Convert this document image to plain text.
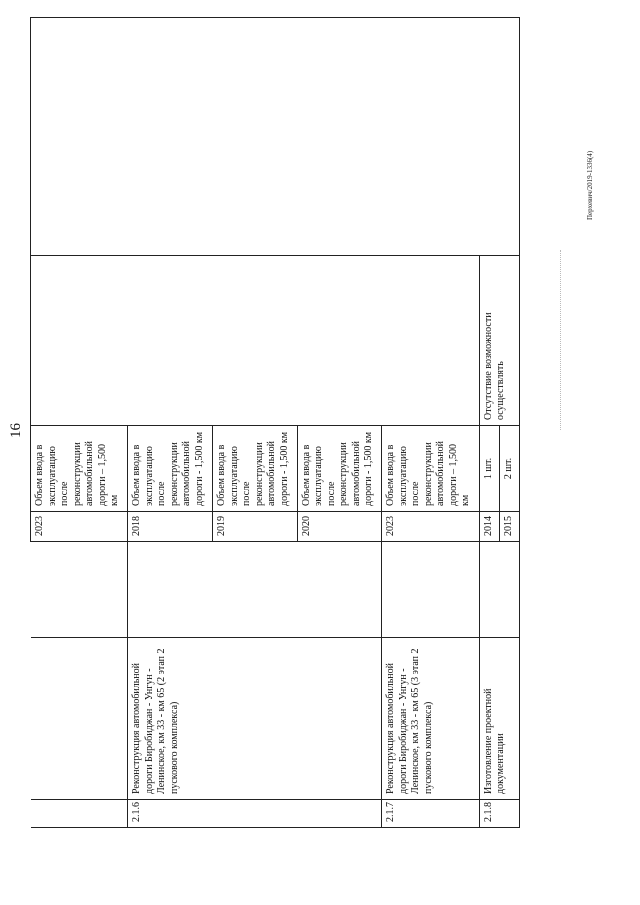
16
Перхевич/2019-1336(4)
			2023	Объем ввода в эксплуатацию после реконструкции автомобильной дороги – 1,500 км		
2.1.6	Реконструкция автомобильной дороги Биробиджан - Унгун - Ленинское, км 33 - км 65 (2 этап 2 пускового комплекса)		2018	Объем ввода в эксплуатацию после реконструкции автомобильной дороги - 1,500 км		
			2019	Объем ввода в эксплуатацию после реконструкции автомобильной дороги - 1,500 км		
			2020	Объем ввода в эксплуатацию после реконструкции автомобильной дороги - 1,500 км		
2.1.7	Реконструкция автомобильной дороги Биробиджан - Унгун - Ленинское, км 33 - км 65 (3 этап 2 пускового комплекса)		2023	Объем ввода в эксплуатацию после реконструкции автомобильной дороги – 1,500 км		
2.1.8	Изготовление проектной документации		2014	1 шт.	Отсутствие возможности осуществлять	
			2015	2 шт.		
